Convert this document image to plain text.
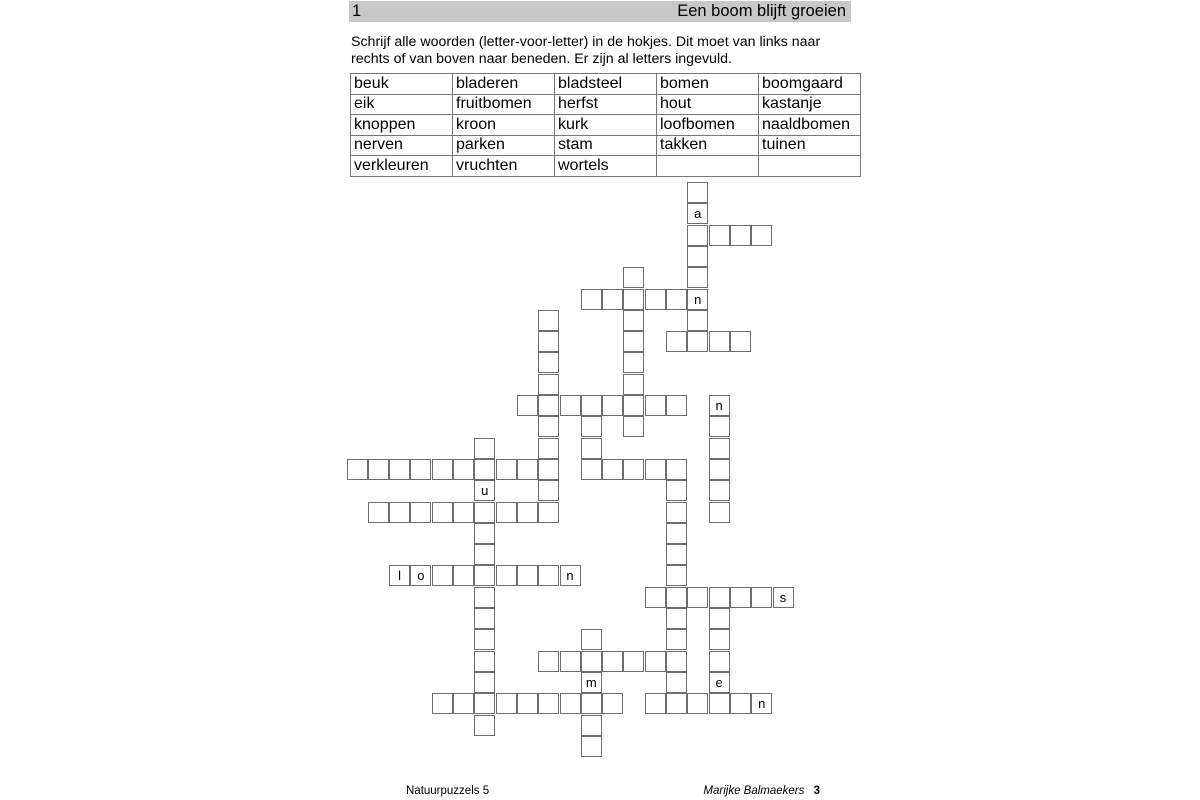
1	Een boom blijft groeien
Schrijf alle woorden (letter-voor-letter) in de hokjes. Dit moet van links naar rechts of van boven naar beneden. Er zijn al letters ingevuld.
beuk	bladeren	bladsteel	bomen	boomgaard
eik	fruitbomen	herfst	hout	kastanje
knoppen	kroon	kurk	loofbomen	naaldbomen
nerven	parken	stam	takken	tuinen
verkleuren	vruchten	wortels		
a
n
n
u
l	o	n
s
e
m
n
Natuurpuzzels 5	Marijke Balmaekers 3
